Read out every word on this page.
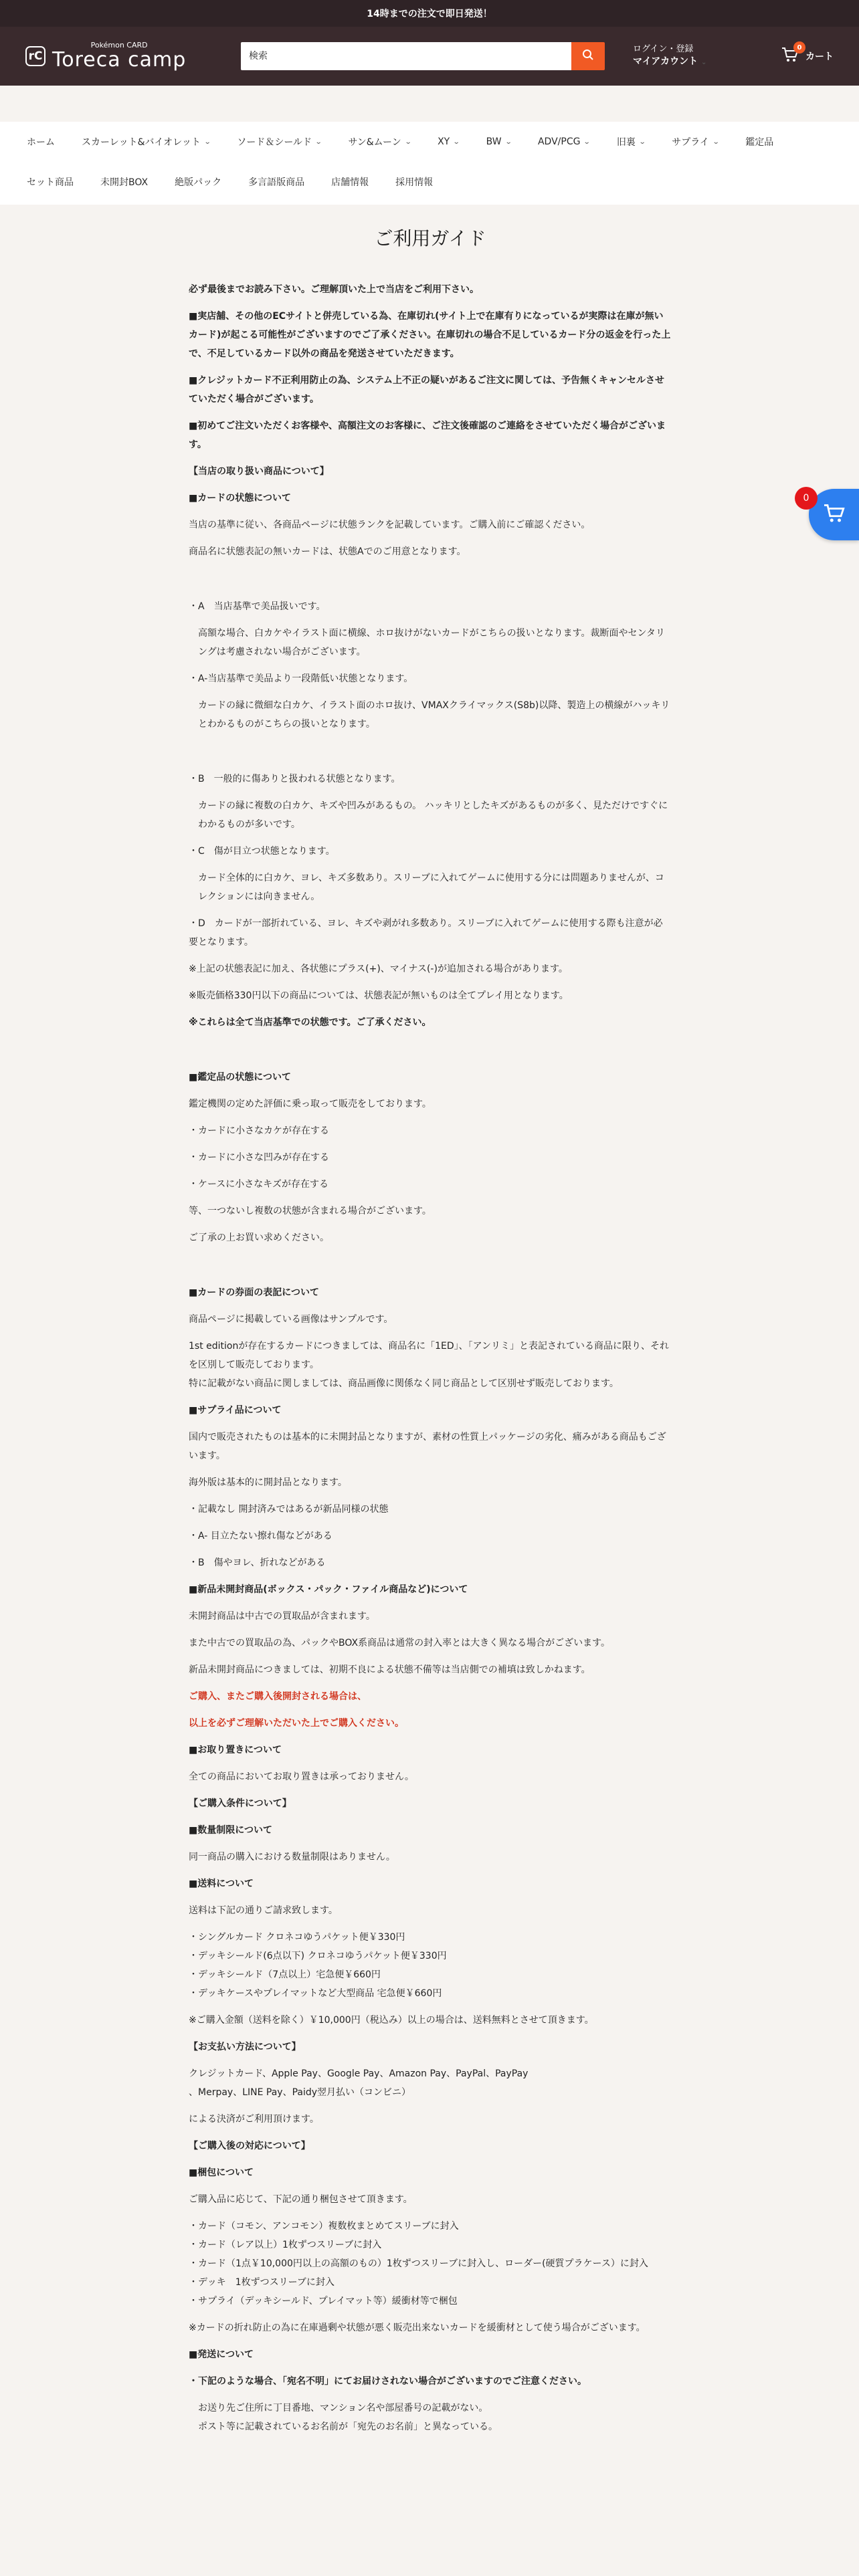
14時までの注文で即日発送！
rC
Pokémon CARD
Toreca camp
検索	ログイン・登録
マイアカウント ⌄
0
カート
ホーム	スカーレット&バイオレット ⌄	ソード＆シールド ⌄	サン&ムーン ⌄	XY ⌄	BW ⌄	ADV/PCG ⌄	旧裏 ⌄	サプライ ⌄	鑑定品
セット商品	未開封BOX	絶版パック	多言語版商品	店舗情報	採用情報
ご利用ガイド
必ず最後までお読み下さい。ご理解頂いた上で当店をご利用下さい。
■実店舗、その他のECサイトと併売している為、在庫切れ(サイト上で在庫有りになっているが実際は在庫が無いカード)が起こる可能性がございますのでご了承ください。在庫切れの場合不足しているカード分の返金を行った上で、不足しているカード以外の商品を発送させていただきます。
■クレジットカード不正利用防止の為、システム上不正の疑いがあるご注文に関しては、予告無くキャンセルさせていただく場合がございます。
■初めてご注文いただくお客様や、高額注文のお客様に、ご注文後確認のご連絡をさせていただく場合がございます。
【当店の取り扱い商品について】
■カードの状態について
当店の基準に従い、各商品ページに状態ランクを記載しています。ご購入前にご確認ください。
商品名に状態表記の無いカードは、状態Aでのご用意となります。
・A　当店基準で美品扱いです。
高額な場合、白カケやイラスト面に横線、ホロ抜けがないカードがこちらの扱いとなります。裁断面やセンタリングは考慮されない場合がございます。
・A-当店基準で美品より一段階低い状態となります。
カードの縁に微細な白カケ、イラスト面のホロ抜け、VMAXクライマックス(S8b)以降、製造上の横線がハッキリとわかるものがこちらの扱いとなります。
・B　一般的に傷ありと扱われる状態となります。
カードの縁に複数の白カケ、キズや凹みがあるもの。 ハッキリとしたキズがあるものが多く、見ただけですぐにわかるものが多いです。
・C　傷が目立つ状態となります。
カード全体的に白カケ、ヨレ、キズ多数あり。スリーブに入れてゲームに使用する分には問題ありませんが、コレクションには向きません。
・D　カードが一部折れている、ヨレ、キズや剥がれ多数あり。スリーブに入れてゲームに使用する際も注意が必要となります。
※上記の状態表記に加え、各状態にプラス(+)、マイナス(-)が追加される場合があります。
※販売価格330円以下の商品については、状態表記が無いものは全てプレイ用となります。
※これらは全て当店基準での状態です。ご了承ください。
■鑑定品の状態について
鑑定機関の定めた評価に乗っ取って販売をしております。
・カードに小さなカケが存在する
・カードに小さな凹みが存在する
・ケースに小さなキズが存在する
等、一つないし複数の状態が含まれる場合がございます。
ご了承の上お買い求めください。
■カードの券面の表記について
商品ページに掲載している画像はサンプルです。
1st editionが存在するカードにつきましては、商品名に「1ED」、「アンリミ」と表記されている商品に限り、それを区別して販売しております。
特に記載がない商品に関しましては、商品画像に関係なく同じ商品として区別せず販売しております。
■サプライ品について
国内で販売されたものは基本的に未開封品となりますが、素材の性質上パッケージの劣化、痛みがある商品もございます。
海外版は基本的に開封品となります。
・記載なし 開封済みではあるが新品同様の状態
・A- 目立たない擦れ傷などがある
・B　傷やヨレ、折れなどがある
■新品未開封商品(ボックス・パック・ファイル商品など)について
未開封商品は中古での買取品が含まれます。
また中古での買取品の為、パックやBOX系商品は通常の封入率とは大きく異なる場合がございます。
新品未開封商品につきましては、初期不良による状態不備等は当店側での補填は致しかねます。
ご購入、またご購入後開封される場合は、
以上を必ずご理解いただいた上でご購入ください。
■お取り置きについて
全ての商品においてお取り置きは承っておりません。
【ご購入条件について】
■数量制限について
同一商品の購入における数量制限はありません。
■送料について
送料は下記の通りご請求致します。
・シングルカード クロネコゆうパケット便￥330円
・デッキシールド(6点以下) クロネコゆうパケット便￥330円
・デッキシールド（7点以上）宅急便￥660円
・デッキケースやプレイマットなど大型商品 宅急便￥660円
※ご購入金額（送料を除く）￥10,000円（税込み）以上の場合は、送料無料とさせて頂きます。
【お支払い方法について】
クレジットカード、Apple Pay、Google Pay、Amazon Pay、PayPal、PayPay
、Merpay、LINE Pay、Paidy翌月払い（コンビニ）
による決済がご利用頂けます。
【ご購入後の対応について】
■梱包について
ご購入品に応じて、下記の通り梱包させて頂きます。
・カード（コモン、アンコモン）複数枚まとめてスリーブに封入
・カード（レア以上）1枚ずつスリーブに封入
・カード（1点￥10,000円以上の高額のもの）1枚ずつスリーブに封入し、ローダー(硬質プラケース）に封入
・デッキ　1枚ずつスリーブに封入
・サプライ（デッキシールド、プレイマット等）緩衝材等で梱包
※カードの折れ防止の為に在庫過剰や状態が悪く販売出来ないカードを緩衝材として使う場合がございます。
■発送について
・下記のような場合、「宛名不明」にてお届けされない場合がございますのでご注意ください。
お送り先ご住所に丁目番地、マンション名や部屋番号の記載がない。
ポスト等に記載されているお名前が「宛先のお名前」と異なっている。
0
